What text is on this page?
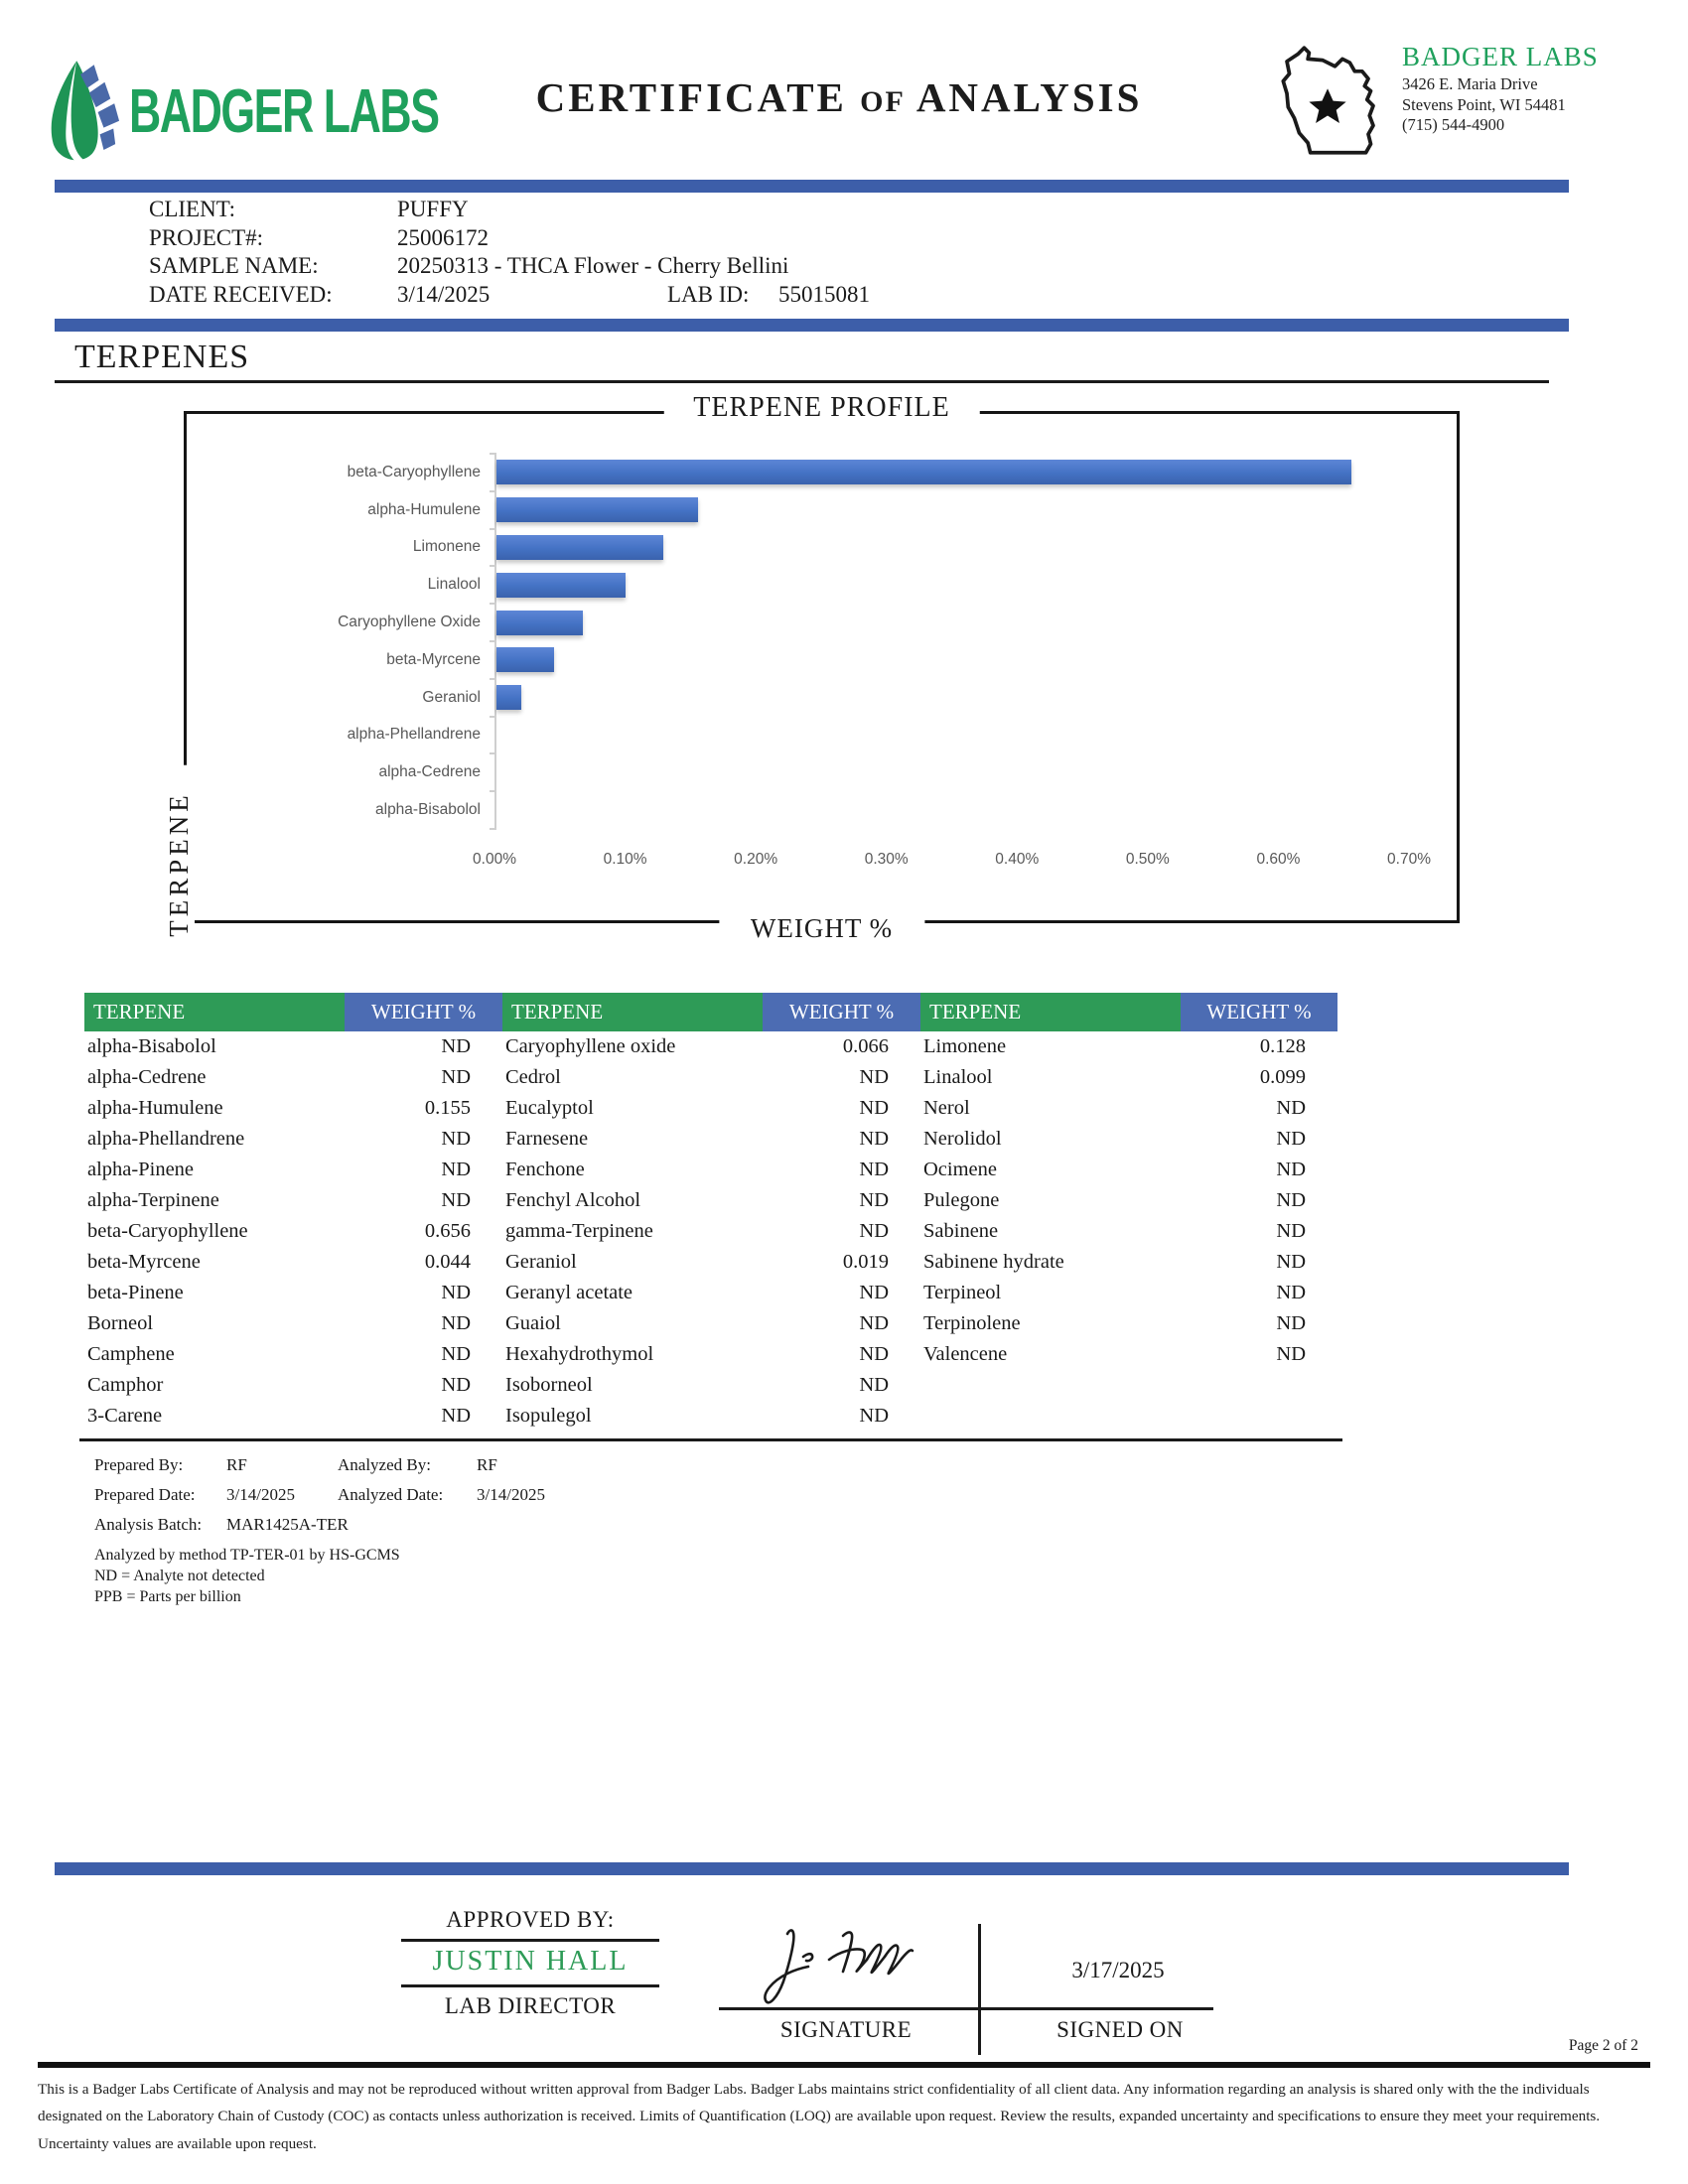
BADGER LABS CERTIFICATE OF ANALYSIS
BADGER LABS
3426 E. Maria Drive
Stevens Point, WI 54481
(715) 544-4900
CLIENT:	PUFFY
PROJECT#:	25006172
SAMPLE NAME:	20250313 - THCA Flower - Cherry Bellini
DATE RECEIVED:	3/14/2025	LAB ID:	55015081
TERPENES
TERPENE PROFILE
TERPENE	WEIGHT %
beta-Caryophyllene
alpha-Humulene
Limonene
Linalool
Caryophyllene Oxide
beta-Myrcene
Geraniol
alpha-Phellandrene
alpha-Cedrene
alpha-Bisabolol
0.00%	0.10%	0.20%	0.30%	0.40%	0.50%	0.60%	0.70%
TERPENE	WEIGHT %	TERPENE	WEIGHT %	TERPENE	WEIGHT %
alpha-Bisabolol	ND	Caryophyllene oxide	0.066	Limonene	0.128
alpha-Cedrene	ND	Cedrol	ND	Linalool	0.099
alpha-Humulene	0.155	Eucalyptol	ND	Nerol	ND
alpha-Phellandrene	ND	Farnesene	ND	Nerolidol	ND
alpha-Pinene	ND	Fenchone	ND	Ocimene	ND
alpha-Terpinene	ND	Fenchyl Alcohol	ND	Pulegone	ND
beta-Caryophyllene	0.656	gamma-Terpinene	ND	Sabinene	ND
beta-Myrcene	0.044	Geraniol	0.019	Sabinene hydrate	ND
beta-Pinene	ND	Geranyl acetate	ND	Terpineol	ND
Borneol	ND	Guaiol	ND	Terpinolene	ND
Camphene	ND	Hexahydrothymol	ND	Valencene	ND
Camphor	ND	Isoborneol	ND
3-Carene	ND	Isopulegol	ND
Prepared By:	RF	Analyzed By:	RF
Prepared Date:	3/14/2025	Analyzed Date:	3/14/2025
Analysis Batch:	MAR1425A-TER
Analyzed by method TP-TER-01 by HS-GCMS
ND = Analyte not detected
PPB = Parts per billion
APPROVED BY:
JUSTIN HALL
LAB DIRECTOR
SIGNATURE
3/17/2025
SIGNED ON
Page 2 of 2
This is a Badger Labs Certificate of Analysis and may not be reproduced without written approval from Badger Labs. Badger Labs maintains strict confidentiality of all client data. Any information regarding an analysis is shared only with the the individuals designated on the Laboratory Chain of Custody (COC) as contacts unless authorization is received. Limits of Quantification (LOQ) are available upon request. Review the results, expanded uncertainty and specifications to ensure they meet your requirements. Uncertainty values are available upon request.
